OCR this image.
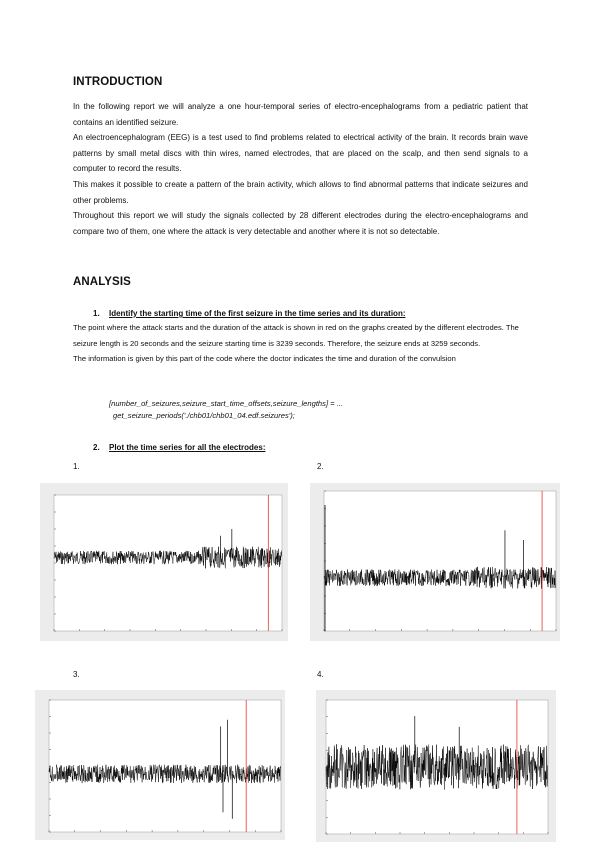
INTRODUCTION

In the following report we will analyze a one hour-temporal series of electro-encephalograms from a pediatric patient that contains an identified seizure.

An electroencephalogram (EEG) is a test used to find problems related to electrical activity of the brain. It records brain wave patterns by small metal discs with thin wires, named electrodes, that are placed on the scalp, and then send signals to a computer to record the results.

This makes it possible to create a pattern of the brain activity, which allows to find abnormal patterns that indicate seizures and other problems.

Throughout this report we will study the signals collected by 28 different electrodes during the electro-encephalograms and compare two of them, one where the attack is very detectable and another where it is not so detectable.

ANALYSIS
1. Identify the starting time of the first seizure in the time series and its duration:

The point where the attack starts and the duration of the attack is shown in red on the graphs created by the different electrodes. The seizure length is 20 seconds and the seizure starting time is 3239 seconds. Therefore, the seizure ends at 3259 seconds.

The information is given by this part of the code where the doctor indicates the time and duration of the convulsion

[number_of_seizures,seizure_start_time_offsets,seizure_lengths] = ...
get_seizure_periods('./chb01/chb01_04.edf.seizures');
2. Plot the time series for all the electrodes:
1.	2.
3.	4.
